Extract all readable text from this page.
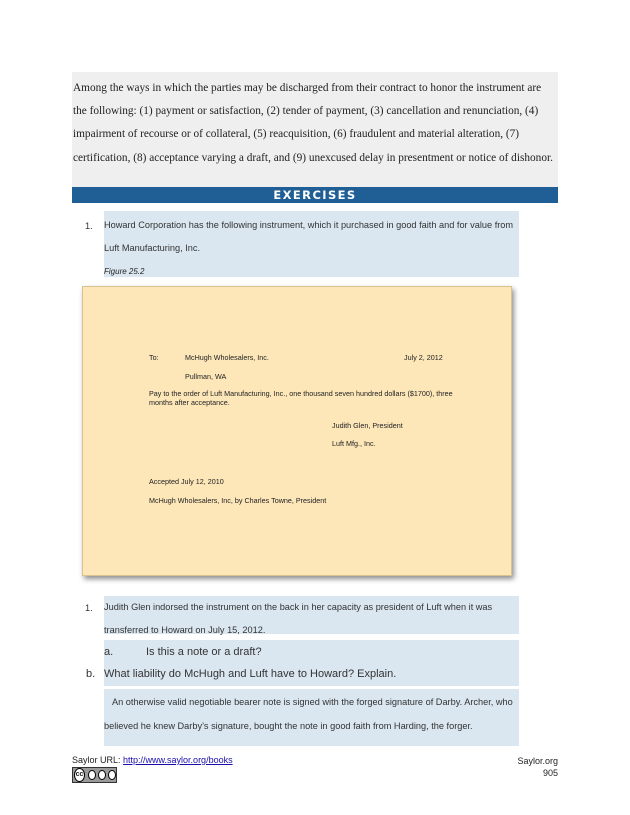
Among the ways in which the parties may be discharged from their contract to honor the instrument are the following: (1) payment or satisfaction, (2) tender of payment, (3) cancellation and renunciation, (4) impairment of recourse or of collateral, (5) reacquisition, (6) fraudulent and material alteration, (7) certification, (8) acceptance varying a draft, and (9) unexcused delay in presentment or notice of dishonor.

EXERCISES
1. Howard Corporation has the following instrument, which it purchased in good faith and for value from Luft Manufacturing, Inc.

Figure 25.2
To:	McHugh Wholesalers, Inc.	July 2, 2012
Pullman, WA
Pay to the order of Luft Manufacturing, Inc., one thousand seven hundred dollars ($1700), three
months after acceptance.
Judith Glen, President
Luft Mfg., Inc.
Accepted July 12, 2010
McHugh Wholesalers, Inc, by Charles Towne, President
1. Judith Glen indorsed the instrument on the back in her capacity as president of Luft when it was transferred to Howard on July 15, 2012.

a.	Is this a note or a draft?
b. What liability do McHugh and Luft have to Howard? Explain.

An otherwise valid negotiable bearer note is signed with the forged signature of Darby. Archer, who believed he knew Darby’s signature, bought the note in good faith from Harding, the forger.

Saylor URL: http://www.saylor.org/books	Saylor.org
905
cc
